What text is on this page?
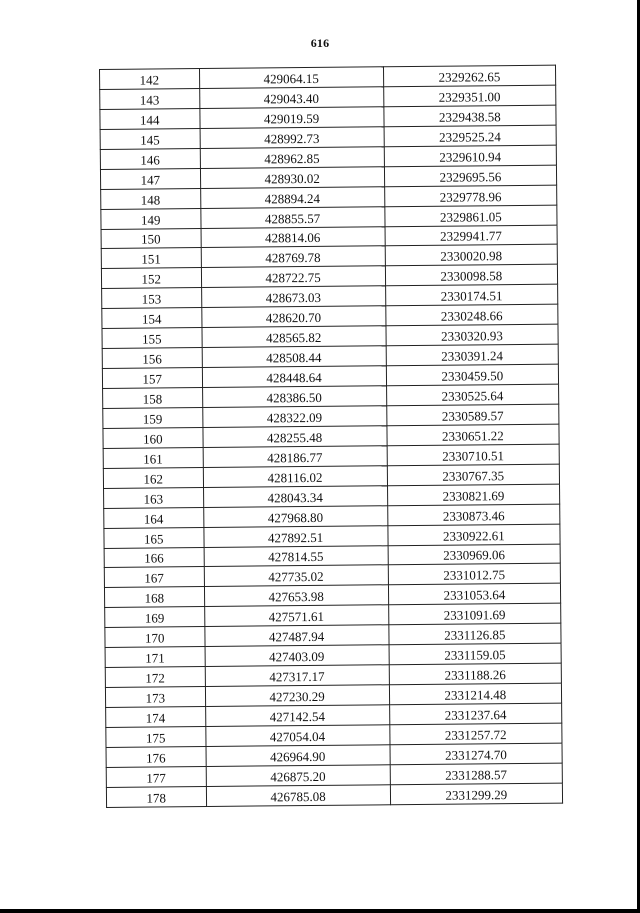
616
142	429064.15	2329262.65
143	429043.40	2329351.00
144	429019.59	2329438.58
145	428992.73	2329525.24
146	428962.85	2329610.94
147	428930.02	2329695.56
148	428894.24	2329778.96
149	428855.57	2329861.05
150	428814.06	2329941.77
151	428769.78	2330020.98
152	428722.75	2330098.58
153	428673.03	2330174.51
154	428620.70	2330248.66
155	428565.82	2330320.93
156	428508.44	2330391.24
157	428448.64	2330459.50
158	428386.50	2330525.64
159	428322.09	2330589.57
160	428255.48	2330651.22
161	428186.77	2330710.51
162	428116.02	2330767.35
163	428043.34	2330821.69
164	427968.80	2330873.46
165	427892.51	2330922.61
166	427814.55	2330969.06
167	427735.02	2331012.75
168	427653.98	2331053.64
169	427571.61	2331091.69
170	427487.94	2331126.85
171	427403.09	2331159.05
172	427317.17	2331188.26
173	427230.29	2331214.48
174	427142.54	2331237.64
175	427054.04	2331257.72
176	426964.90	2331274.70
177	426875.20	2331288.57
178	426785.08	2331299.29
